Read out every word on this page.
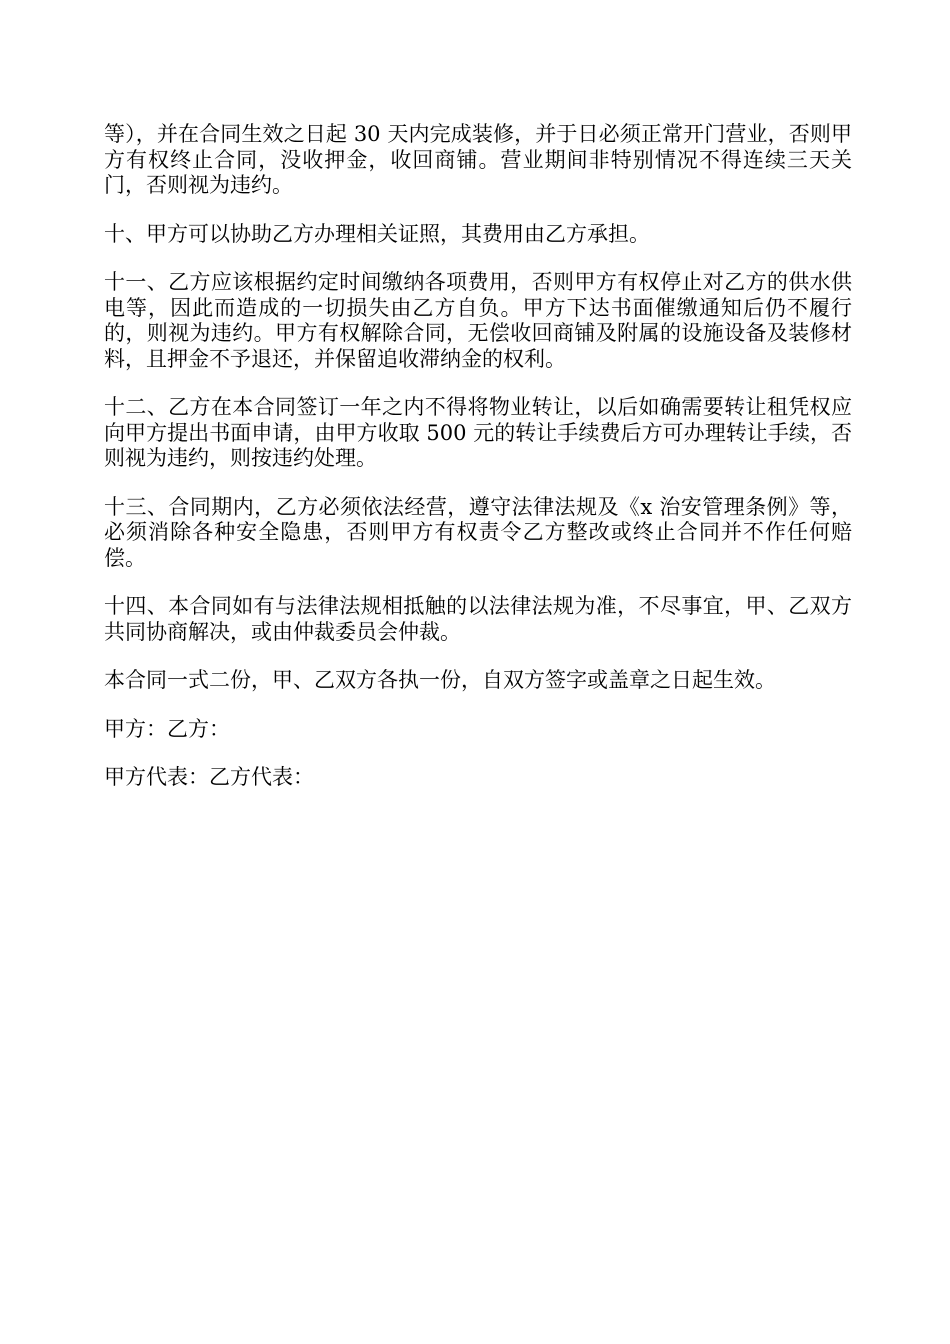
等），并在合同生效之日起 30 天内完成装修，并于日必须正常开门营业，否则甲方有权终止合同，没收押金，收回商铺。营业期间非特别情况不得连续三天关门，否则视为违约。

十、甲方可以协助乙方办理相关证照，其费用由乙方承担。

十一、乙方应该根据约定时间缴纳各项费用，否则甲方有权停止对乙方的供水供电等，因此而造成的一切损失由乙方自负。甲方下达书面催缴通知后仍不履行的，则视为违约。甲方有权解除合同，无偿收回商铺及附属的设施设备及装修材料，且押金不予退还，并保留追收滞纳金的权利。

十二、乙方在本合同签订一年之内不得将物业转让，以后如确需要转让租凭权应向甲方提出书面申请，由甲方收取 500 元的转让手续费后方可办理转让手续，否则视为违约，则按违约处理。

十三、合同期内，乙方必须依法经营，遵守法律法规及《x 治安管理条例》等，必须消除各种安全隐患，否则甲方有权责令乙方整改或终止合同并不作任何赔偿。

十四、本合同如有与法律法规相抵触的以法律法规为准，不尽事宜，甲、乙双方共同协商解决，或由仲裁委员会仲裁。

本合同一式二份，甲、乙双方各执一份，自双方签字或盖章之日起生效。

甲方：乙方：

甲方代表：乙方代表：
